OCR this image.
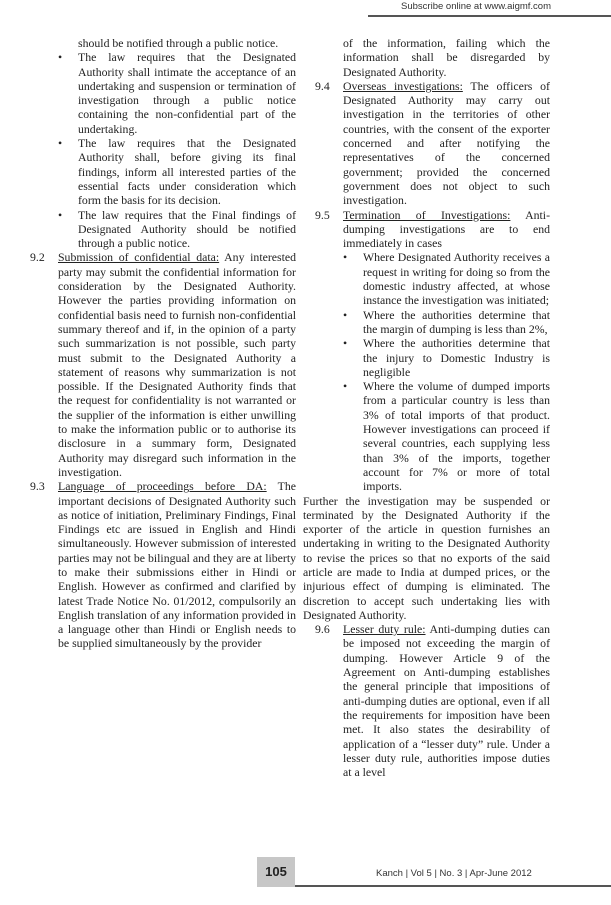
Subscribe online at www.aigmf.com

should be notified through a public notice.

• The law requires that the Designated Authority shall intimate the acceptance of an undertaking and suspension or termination of investigation through a public notice containing the non-confidential part of the undertaking.

• The law requires that the Designated Authority shall, before giving its final findings, inform all interested parties of the essential facts under consideration which form the basis for its decision.

• The law requires that the Final findings of Designated Authority should be notified through a public notice.

9.2 Submission of confidential data: Any interested party may submit the confidential information for consideration by the Designated Authority. However the parties providing information on confidential basis need to furnish non-confidential summary thereof and if, in the opinion of a party such summarization is not possible, such party must submit to the Designated Authority a statement of reasons why summarization is not possible. If the Designated Authority finds that the request for confidentiality is not warranted or the supplier of the information is either unwilling to make the information public or to authorise its disclosure in a summary form, Designated Authority may disregard such information in the investigation.
9.3 Language of proceedings before DA: The important decisions of Designated Authority such as notice of initiation, Preliminary Findings, Final Findings etc are issued in English and Hindi simultaneously. However submission of interested parties may not be bilingual and they are at liberty to make their submissions either in Hindi or English. However as confirmed and clarified by latest Trade Notice No. 01/2012, compulsorily an English translation of any information provided in a language other than Hindi or English needs to be supplied simultaneously by the provider

of the information, failing which the information shall be disregarded by Designated Authority.

9.4 Overseas investigations: The officers of Designated Authority may carry out investigation in the territories of other countries, with the consent of the exporter concerned and after notifying the representatives of the concerned government; provided the concerned government does not object to such investigation.
9.5 Termination of Investigations: Anti-dumping investigations are to end immediately in cases

• Where Designated Authority receives a request in writing for doing so from the domestic industry affected, at whose instance the investigation was initiated;

• Where the authorities determine that the margin of dumping is less than 2%,

• Where the authorities determine that the injury to Domestic Industry is negligible

• Where the volume of dumped imports from a particular country is less than 3% of total imports of that product. However investigations can proceed if several countries, each supplying less than 3% of the imports, together account for 7% or more of total imports.

Further the investigation may be suspended or terminated by the Designated Authority if the exporter of the article in question furnishes an undertaking in writing to the Designated Authority to revise the prices so that no exports of the said article are made to India at dumped prices, or the injurious effect of dumping is eliminated. The discretion to accept such undertaking lies with Designated Authority.

9.6 Lesser duty rule: Anti-dumping duties can be imposed not exceeding the margin of dumping. However Article 9 of the Agreement on Anti-dumping establishes the general principle that impositions of anti-dumping duties are optional, even if all the requirements for imposition have been met. It also states the desirability of application of a “lesser duty” rule. Under a lesser duty rule, authorities impose duties at a level
105	Kanch | Vol 5 | No. 3 | Apr-June 2012
